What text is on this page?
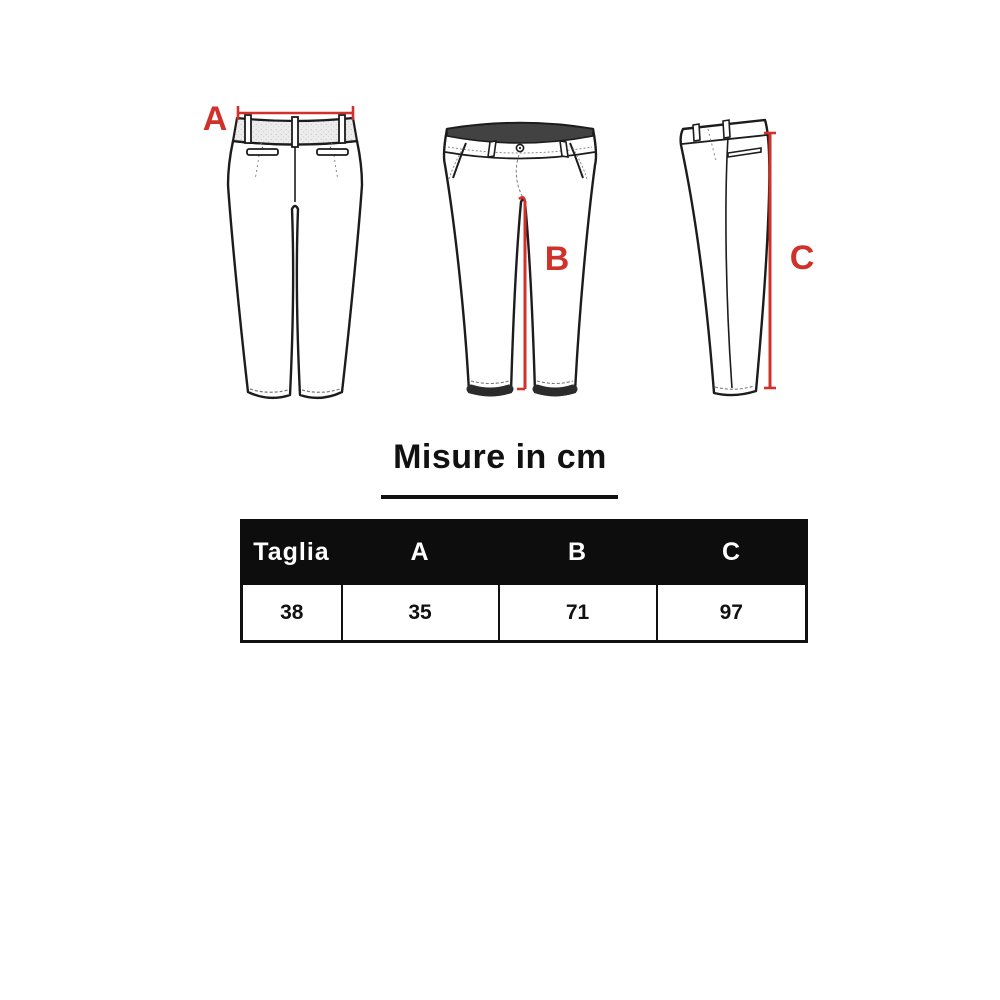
A
B	C
Misure in cm
Taglia	A	B	C
38	35	71	97
